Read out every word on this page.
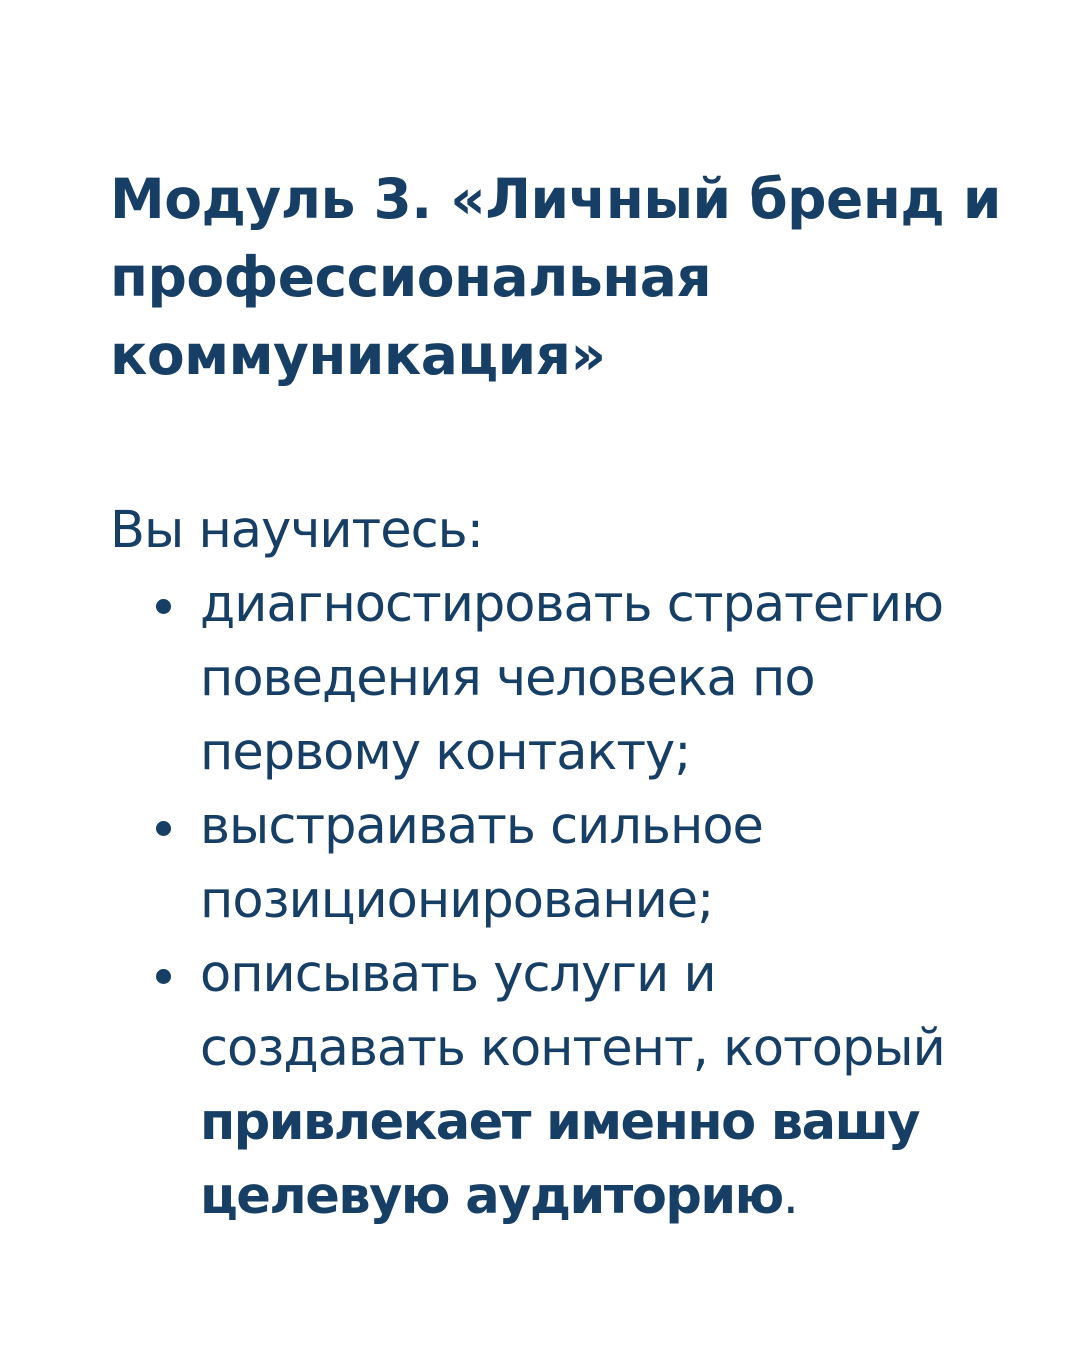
Модуль 3. «Личный бренд и
профессиональная
коммуникация»

Вы научитесь:

диагностировать стратегию
поведения человека по
первому контакту;
выстраивать сильное
позиционирование;
описывать услуги и
создавать контент, который
привлекает именно вашу
целевую аудиторию.
